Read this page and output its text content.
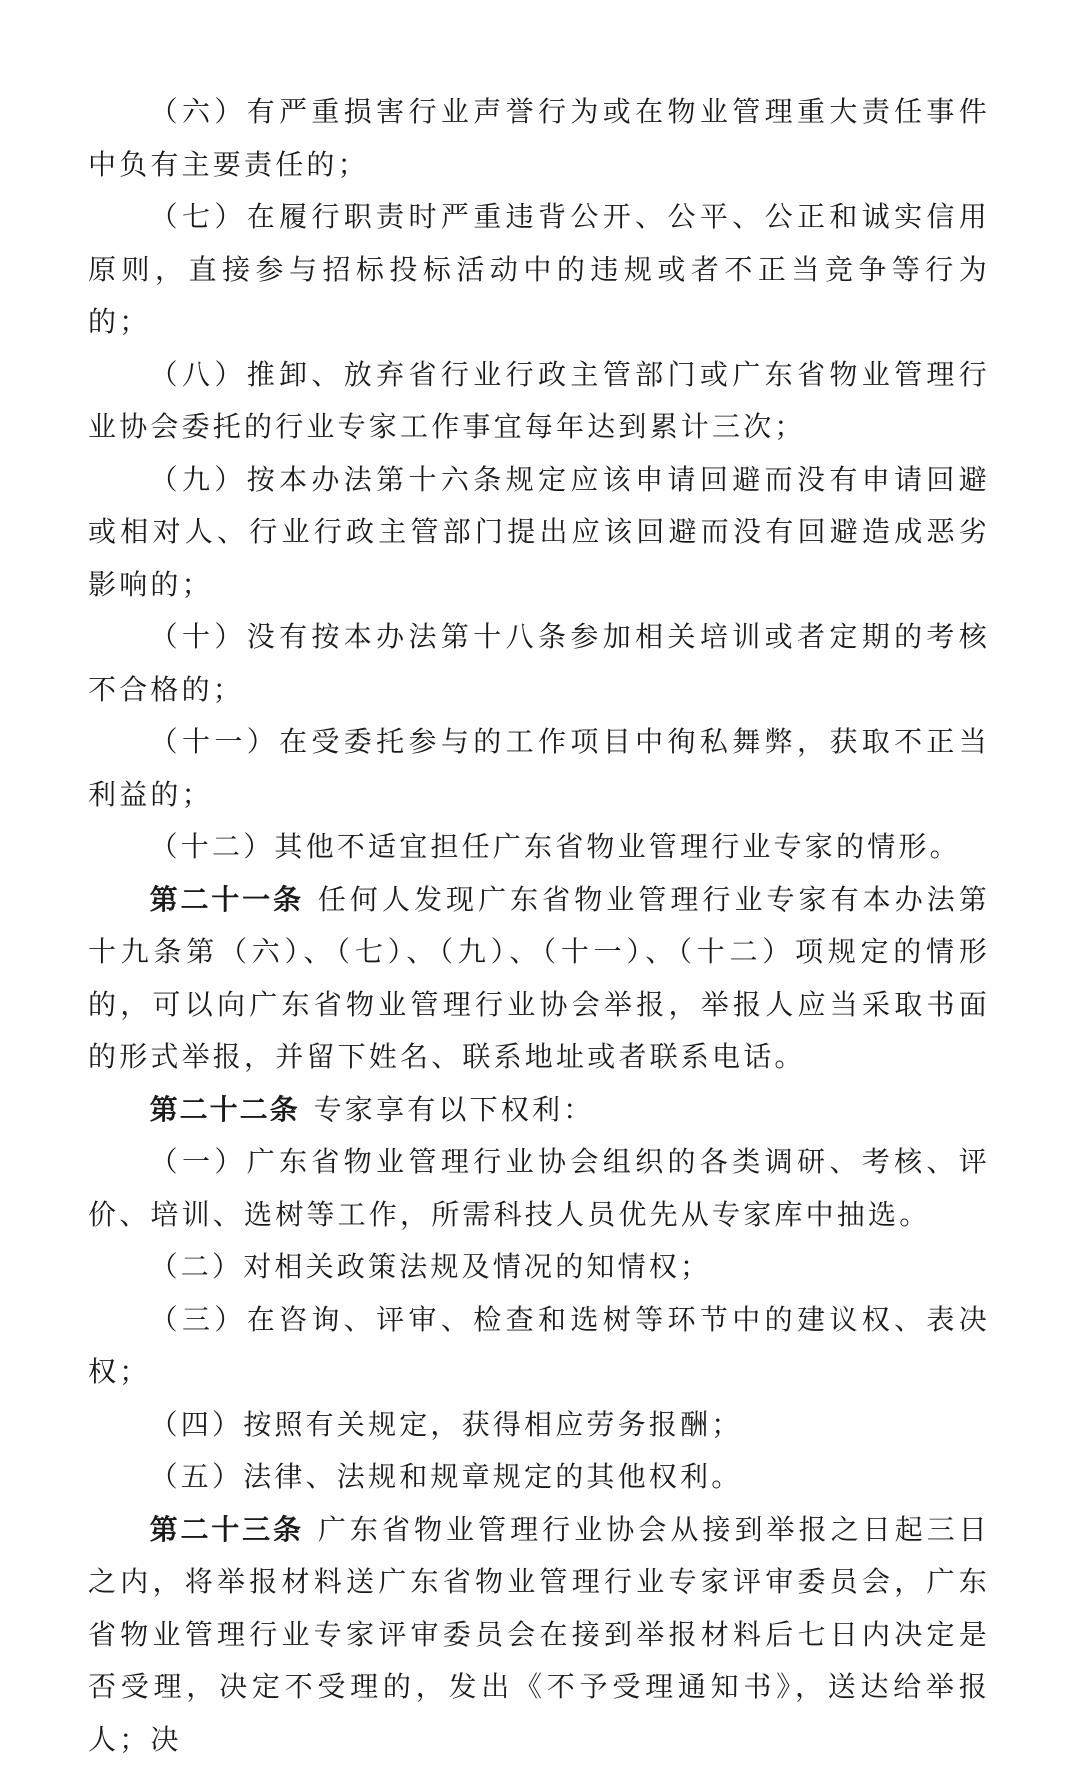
（六）有严重损害行业声誉行为或在物业管理重大责任事件中负有主要责任的；

（七）在履行职责时严重违背公开、公平、公正和诚实信用原则，直接参与招标投标活动中的违规或者不正当竞争等行为的；

（八）推卸、放弃省行业行政主管部门或广东省物业管理行业协会委托的行业专家工作事宜每年达到累计三次；

（九）按本办法第十六条规定应该申请回避而没有申请回避或相对人、行业行政主管部门提出应该回避而没有回避造成恶劣影响的；

（十）没有按本办法第十八条参加相关培训或者定期的考核不合格的；

（十一）在受委托参与的工作项目中徇私舞弊，获取不正当利益的；

（十二）其他不适宜担任广东省物业管理行业专家的情形。

第二十一条 任何人发现广东省物业管理行业专家有本办法第十九条第（六）、（七）、（九）、（十一）、（十二）项规定的情形的，可以向广东省物业管理行业协会举报，举报人应当采取书面的形式举报，并留下姓名、联系地址或者联系电话。

第二十二条 专家享有以下权利：

（一）广东省物业管理行业协会组织的各类调研、考核、评价、培训、选树等工作，所需科技人员优先从专家库中抽选。

（二）对相关政策法规及情况的知情权；

（三）在咨询、评审、检查和选树等环节中的建议权、表决权；

（四）按照有关规定，获得相应劳务报酬；

（五）法律、法规和规章规定的其他权利。

第二十三条 广东省物业管理行业协会从接到举报之日起三日之内，将举报材料送广东省物业管理行业专家评审委员会，广东省物业管理行业专家评审委员会在接到举报材料后七日内决定是否受理，决定不受理的，发出《不予受理通知书》，送达给举报人；决
